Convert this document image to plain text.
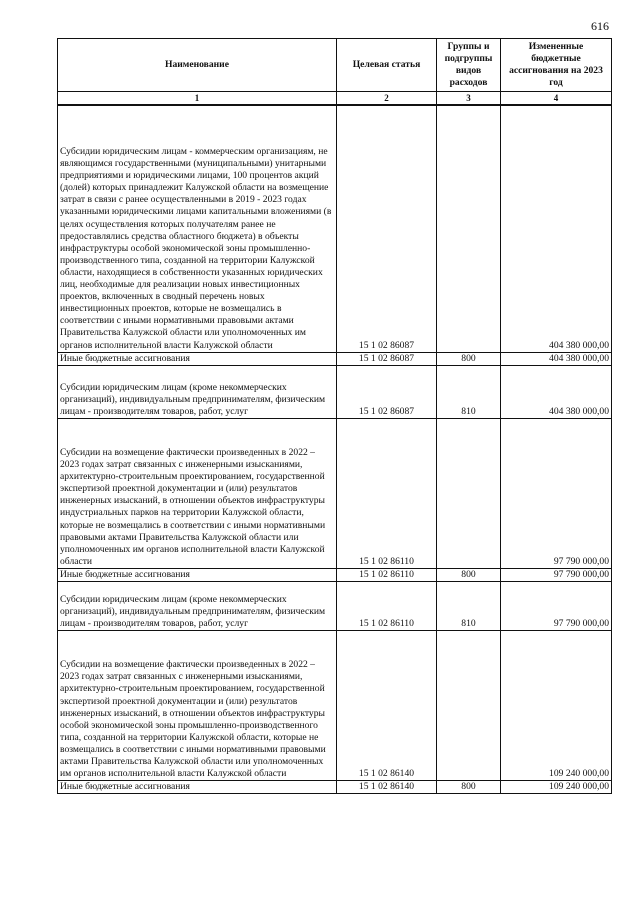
616
Наименование	Целевая статья	Группы и подгруппы видов расходов	Измененные бюджетные ассигнования на 2023 год
1	2	3	4
Субсидии юридическим лицам - коммерческим организациям, не являющимся государственными (муниципальными) унитарными предприятиями и юридическими лицами, 100 процентов акций (долей) которых принадлежит Калужской области на возмещение затрат в связи с ранее осуществленными в 2019 - 2023 годах указанными юридическими лицами капитальными вложениями (в целях осуществления которых получателям ранее не предоставлялись средства областного бюджета) в объекты инфраструктуры особой экономической зоны промышленно-производственного типа, созданной на территории Калужской области, находящиеся в собственности указанных юридических лиц, необходимые для реализации новых инвестиционных проектов, включенных в сводный перечень новых инвестиционных проектов, которые не возмещались в соответствии с иными нормативными правовыми актами Правительства Калужской области или уполномоченных им органов исполнительной власти Калужской области	15 1 02 86087		404 380 000,00
Иные бюджетные ассигнования	15 1 02 86087	800	404 380 000,00
Субсидии юридическим лицам (кроме некоммерческих организаций), индивидуальным предпринимателям, физическим лицам - производителям товаров, работ, услуг	15 1 02 86087	810	404 380 000,00
Субсидии на возмещение фактически произведенных в 2022 – 2023 годах затрат связанных с инженерными изысканиями, архитектурно-строительным проектированием, государственной экспертизой проектной документации и (или) результатов инженерных изысканий, в отношении объектов инфраструктуры индустриальных парков на территории Калужской области, которые не возмещались в соответствии с иными нормативными правовыми актами Правительства Калужской области или уполномоченных им органов исполнительной власти Калужской области	15 1 02 86110		97 790 000,00
Иные бюджетные ассигнования	15 1 02 86110	800	97 790 000,00
Субсидии юридическим лицам (кроме некоммерческих организаций), индивидуальным предпринимателям, физическим лицам - производителям товаров, работ, услуг	15 1 02 86110	810	97 790 000,00
Субсидии на возмещение фактически произведенных в 2022 – 2023 годах затрат связанных с инженерными изысканиями, архитектурно-строительным проектированием, государственной экспертизой проектной документации и (или) результатов инженерных изысканий, в отношении объектов инфраструктуры особой экономической зоны промышленно-производственного типа, созданной на территории Калужской области, которые не возмещались в соответствии с иными нормативными правовыми актами Правительства Калужской области или уполномоченных им органов исполнительной власти Калужской области	15 1 02 86140		109 240 000,00
Иные бюджетные ассигнования	15 1 02 86140	800	109 240 000,00
